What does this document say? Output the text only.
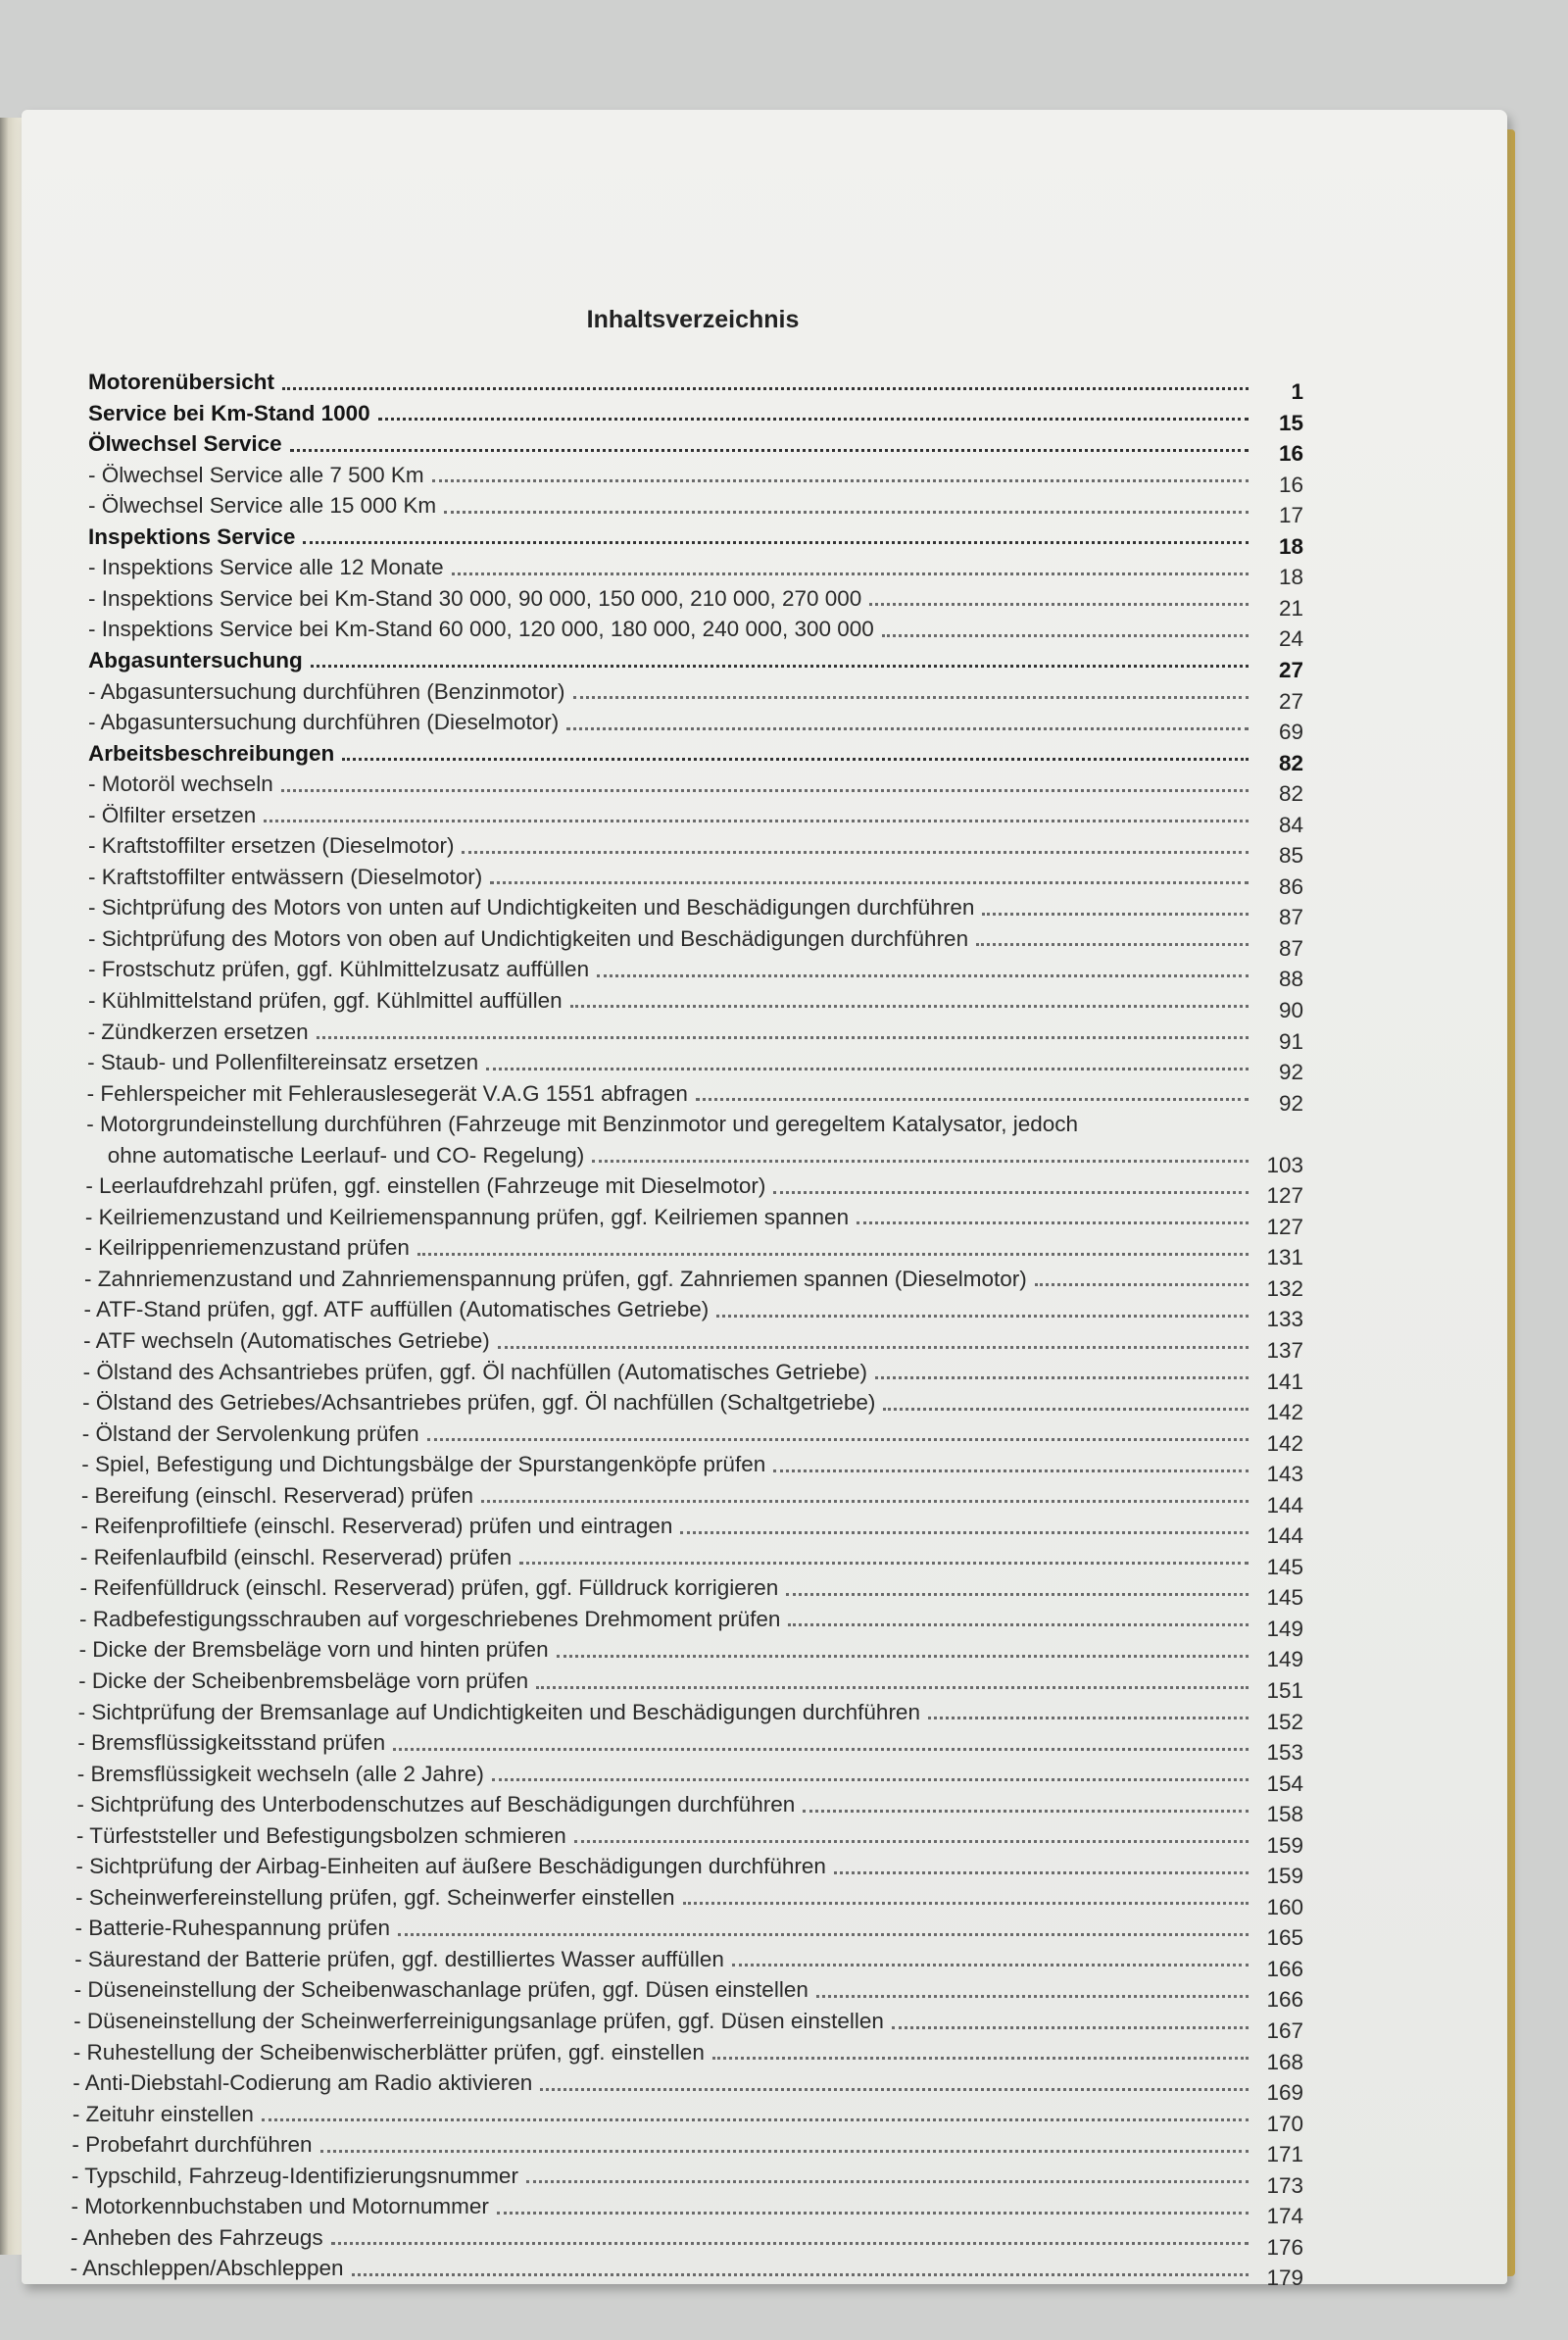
Inhaltsverzeichnis
Motorenübersicht	1
Service bei Km-Stand 1000	15
Ölwechsel Service	16
- Ölwechsel Service alle 7 500 Km	16
- Ölwechsel Service alle 15 000 Km	17
Inspektions Service	18
- Inspektions Service alle 12 Monate	18
- Inspektions Service bei Km-Stand 30 000, 90 000, 150 000, 210 000, 270 000	21
- Inspektions Service bei Km-Stand 60 000, 120 000, 180 000, 240 000, 300 000	24
Abgasuntersuchung	27
- Abgasuntersuchung durchführen (Benzinmotor)	27
- Abgasuntersuchung durchführen (Dieselmotor)	69
Arbeitsbeschreibungen	82
- Motoröl wechseln	82
- Ölfilter ersetzen	84
- Kraftstoffilter ersetzen (Dieselmotor)	85
- Kraftstoffilter entwässern (Dieselmotor)	86
- Sichtprüfung des Motors von unten auf Undichtigkeiten und Beschädigungen durchführen	87
- Sichtprüfung des Motors von oben auf Undichtigkeiten und Beschädigungen durchführen	87
- Frostschutz prüfen, ggf. Kühlmittelzusatz auffüllen	88
- Kühlmittelstand prüfen, ggf. Kühlmittel auffüllen	90
- Zündkerzen ersetzen	91
- Staub- und Pollenfiltereinsatz ersetzen	92
- Fehlerspeicher mit Fehlerauslesegerät V.A.G 1551 abfragen	92
- Motorgrundeinstellung durchführen (Fahrzeuge mit Benzinmotor und geregeltem Katalysator, jedoch
ohne automatische Leerlauf- und CO- Regelung)	103
- Leerlaufdrehzahl prüfen, ggf. einstellen (Fahrzeuge mit Dieselmotor)	127
- Keilriemenzustand und Keilriemenspannung prüfen, ggf. Keilriemen spannen	127
- Keilrippenriemenzustand prüfen	131
- Zahnriemenzustand und Zahnriemenspannung prüfen, ggf. Zahnriemen spannen (Dieselmotor)	132
- ATF-Stand prüfen, ggf. ATF auffüllen (Automatisches Getriebe)	133
- ATF wechseln (Automatisches Getriebe)	137
- Ölstand des Achsantriebes prüfen, ggf. Öl nachfüllen (Automatisches Getriebe)	141
- Ölstand des Getriebes/Achsantriebes prüfen, ggf. Öl nachfüllen (Schaltgetriebe)	142
- Ölstand der Servolenkung prüfen	142
- Spiel, Befestigung und Dichtungsbälge der Spurstangenköpfe prüfen	143
- Bereifung (einschl. Reserverad) prüfen	144
- Reifenprofiltiefe (einschl. Reserverad) prüfen und eintragen	144
- Reifenlaufbild (einschl. Reserverad) prüfen	145
- Reifenfülldruck (einschl. Reserverad) prüfen, ggf. Fülldruck korrigieren	145
- Radbefestigungsschrauben auf vorgeschriebenes Drehmoment prüfen	149
- Dicke der Bremsbeläge vorn und hinten prüfen	149
- Dicke der Scheibenbremsbeläge vorn prüfen	151
- Sichtprüfung der Bremsanlage auf Undichtigkeiten und Beschädigungen durchführen	152
- Bremsflüssigkeitsstand prüfen	153
- Bremsflüssigkeit wechseln (alle 2 Jahre)	154
- Sichtprüfung des Unterbodenschutzes auf Beschädigungen durchführen	158
- Türfeststeller und Befestigungsbolzen schmieren	159
- Sichtprüfung der Airbag-Einheiten auf äußere Beschädigungen durchführen	159
- Scheinwerfereinstellung prüfen, ggf. Scheinwerfer einstellen	160
- Batterie-Ruhespannung prüfen	165
- Säurestand der Batterie prüfen, ggf. destilliertes Wasser auffüllen	166
- Düseneinstellung der Scheibenwaschanlage prüfen, ggf. Düsen einstellen	166
- Düseneinstellung der Scheinwerferreinigungsanlage prüfen, ggf. Düsen einstellen	167
- Ruhestellung der Scheibenwischerblätter prüfen, ggf. einstellen	168
- Anti-Diebstahl-Codierung am Radio aktivieren	169
- Zeituhr einstellen	170
- Probefahrt durchführen	171
- Typschild, Fahrzeug-Identifizierungsnummer	173
- Motorkennbuchstaben und Motornummer	174
- Anheben des Fahrzeugs	176
- Anschleppen/Abschleppen	179
